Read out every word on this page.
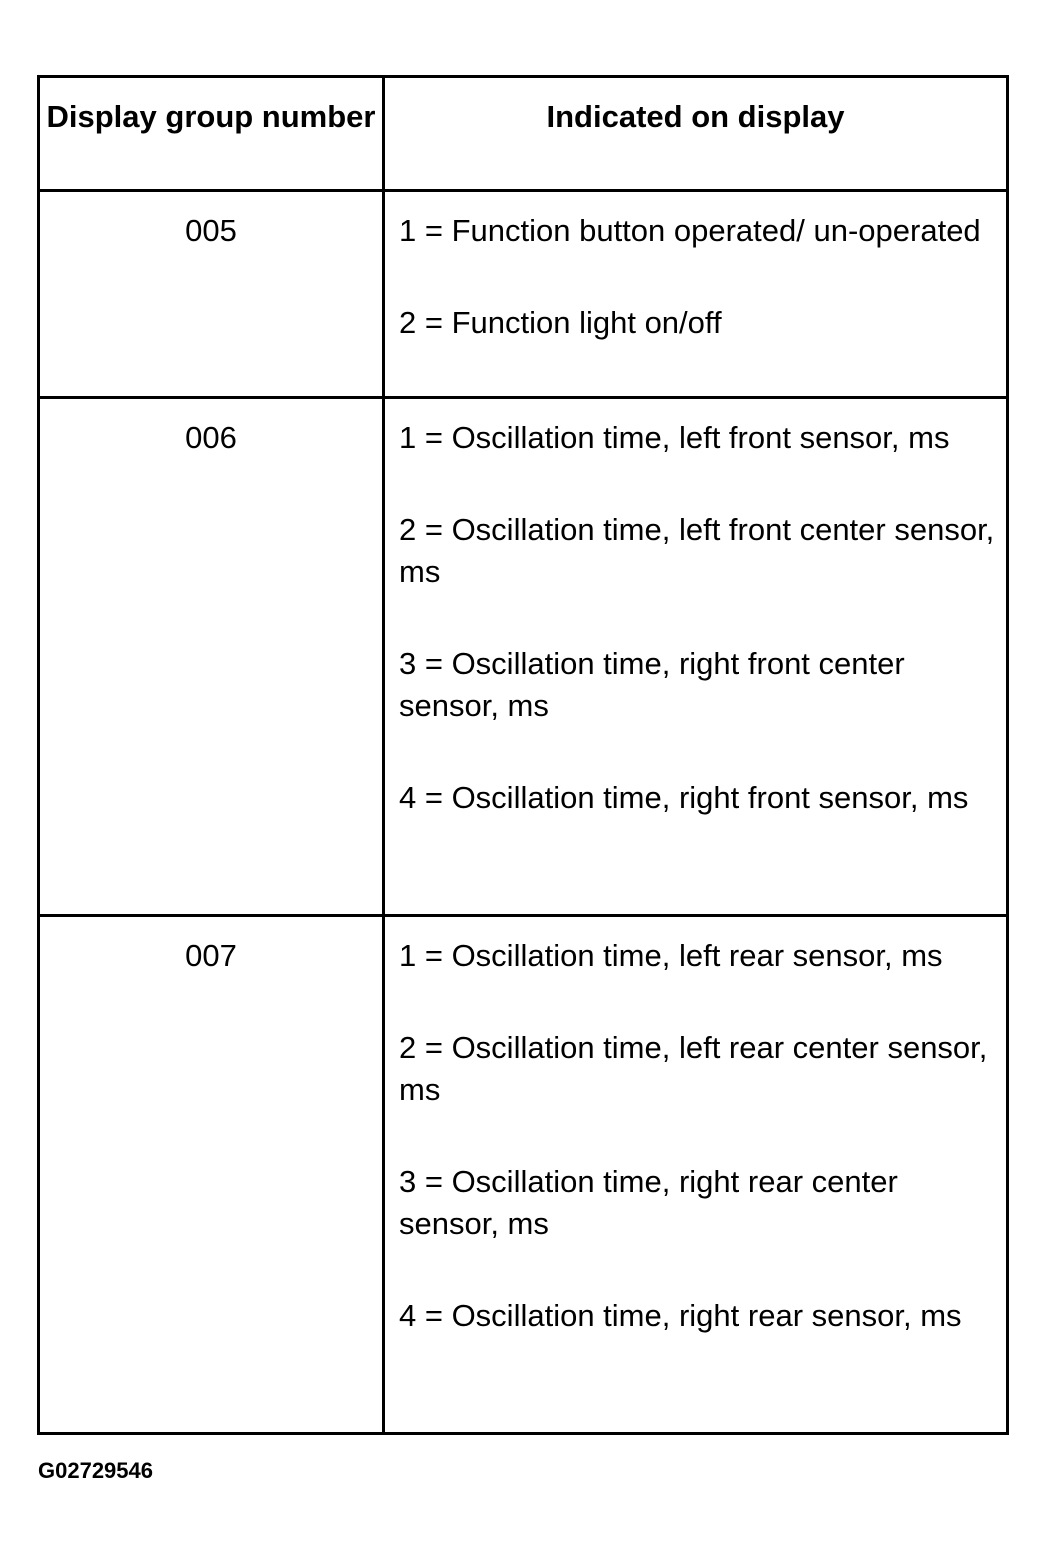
Display group number	Indicated on display
005	1 = Function button operated/ un-operated

2 = Function light on/off

006	1 = Oscillation time, left front sensor, ms

2 = Oscillation time, left front center sensor, ms

3 = Oscillation time, right front center sensor, ms

4 = Oscillation time, right front sensor, ms

007	1 = Oscillation time, left rear sensor, ms

2 = Oscillation time, left rear center sensor, ms

3 = Oscillation time, right rear center sensor, ms

4 = Oscillation time, right rear sensor, ms

G02729546
